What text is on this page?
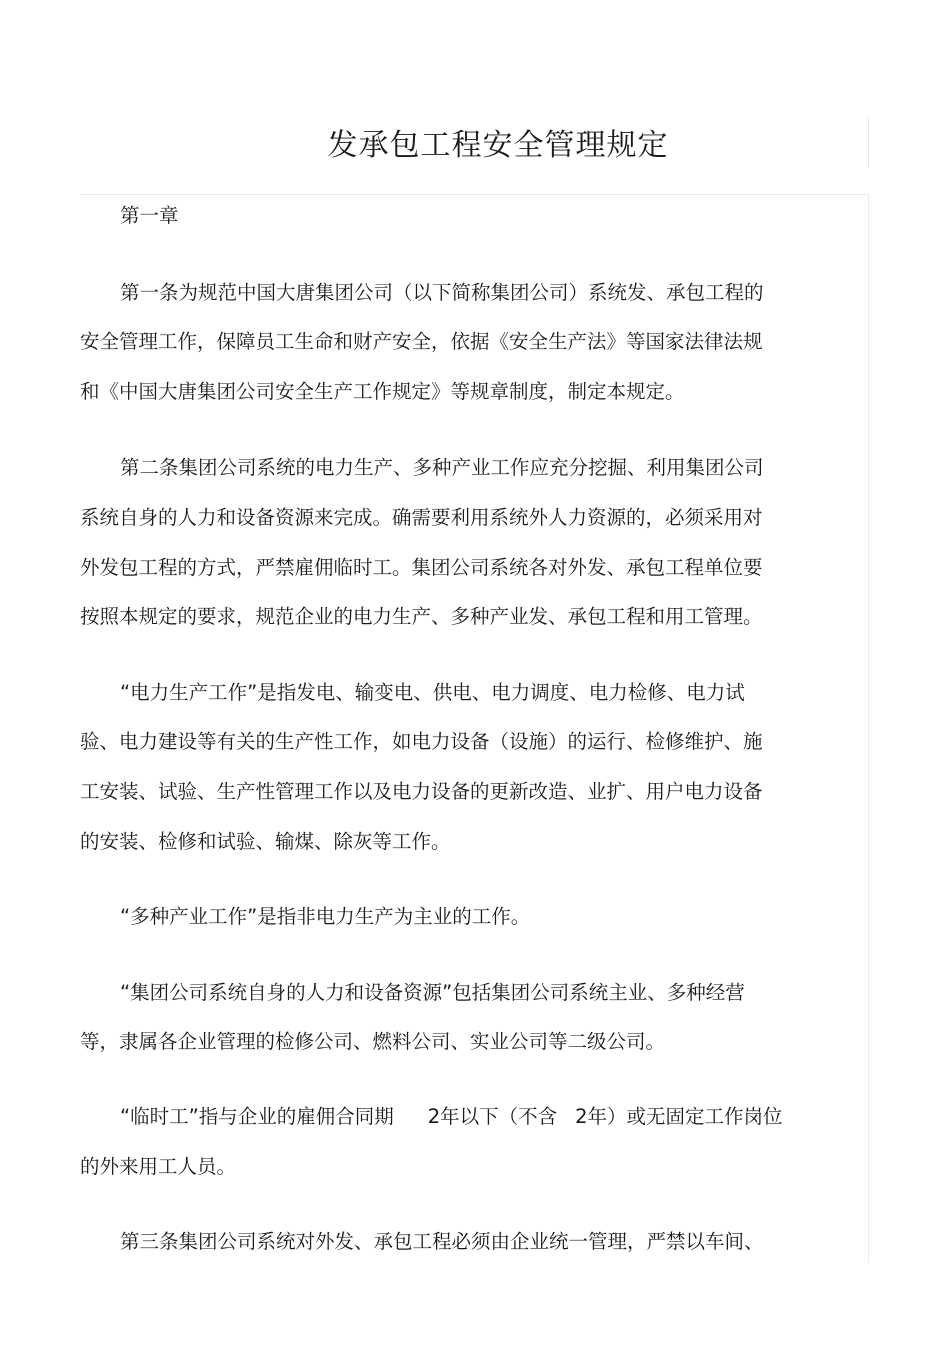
发承包工程安全管理规定
第一章
第一条为规范中国大唐集团公司（以下简称集团公司）系统发、承包工程的
安全管理工作，保障员工生命和财产安全，依据《安全生产法》等国家法律法规
和《中国大唐集团公司安全生产工作规定》等规章制度，制定本规定。
第二条集团公司系统的电力生产、多种产业工作应充分挖掘、利用集团公司
系统自身的人力和设备资源来完成。确需要利用系统外人力资源的，必须采用对
外发包工程的方式，严禁雇佣临时工。集团公司系统各对外发、承包工程单位要
按照本规定的要求，规范企业的电力生产、多种产业发、承包工程和用工管理。
“电力生产工作”是指发电、输变电、供电、电力调度、电力检修、电力试
验、电力建设等有关的生产性工作，如电力设备（设施）的运行、检修维护、施
工安装、试验、生产性管理工作以及电力设备的更新改造、业扩、用户电力设备
的安装、检修和试验、输煤、除灰等工作。
“多种产业工作”是指非电力生产为主业的工作。
“集团公司系统自身的人力和设备资源”包括集团公司系统主业、多种经营
等，隶属各企业管理的检修公司、燃料公司、实业公司等二级公司。
“临时工”指与企业的雇佣合同期 2年以下（不含 2年）或无固定工作岗位
的外来用工人员。
第三条集团公司系统对外发、承包工程必须由企业统一管理，严禁以车间、
